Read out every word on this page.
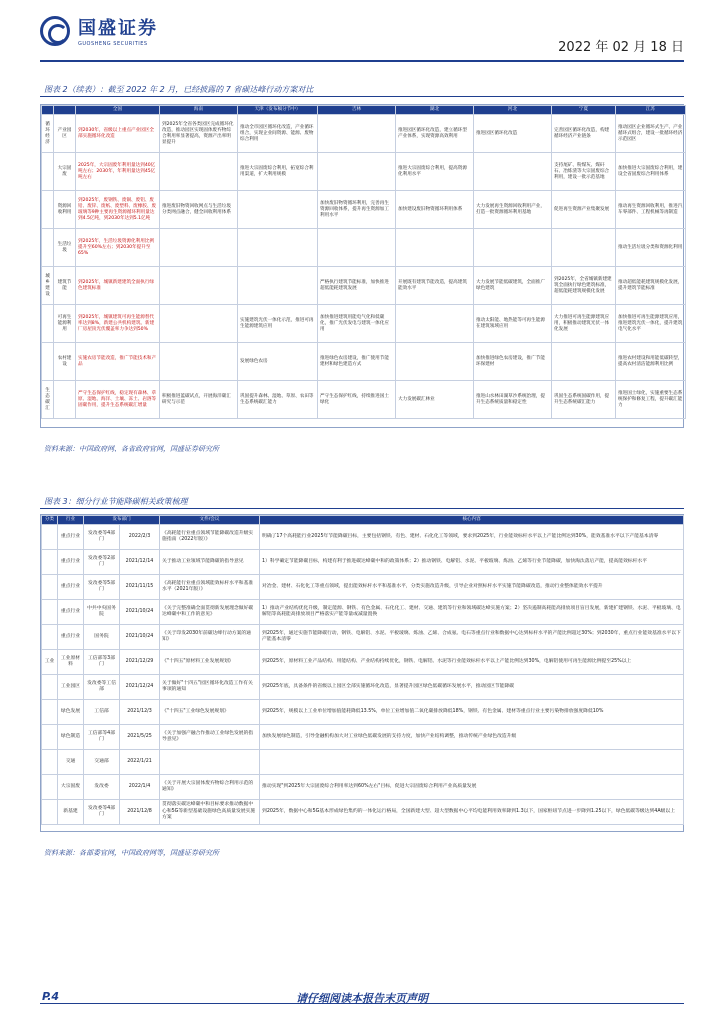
国盛证券
GUOSHENG SECURITIES	2022 年 02 月 18 日
图表 2（续表）：截至 2022 年 2 月，已经披露的 7 省碳达峰行动方案对比
		全国	海南	天津（发布稿分节中）	吉林	湖北	河北	宁夏	江苏
循环经济	产业园区	到2030年，省级以上重点产业园区全部实施循环化改造	到2025年全省各类园区完成循环化改造，推动园区实现固体废弃物综合利用率显著提高，资源产出率明显提升	推动全市园区循环化改造，产业循环组合，实现企业间资源、能源、废物综合利用		推进园区循环化改造，建立循环型产业体系，实现资源高效利用	推进园区循环化改造	完善园区循环化改造，构建循环经济产业链条	推动园区企业循环式生产、产业循环式组合，建设一批循环经济示范园区
	大宗固废	2025年，大宗固废年利用量达到40亿吨左右；2030年，年利用量达到45亿吨左右		推进大宗固废综合利用，拓宽综合利用渠道，扩大利用规模		推进大宗固废综合利用，提高资源化利用水平		支持尾矿、粉煤灰、煤矸石、冶炼渣等大宗固废综合利用，建设一批示范基地	加快推进大宗固废综合利用，建设全省固废综合利用体系
	资源回收利用	到2025年，废钢铁、废铜、废铝、废铅、废锌、废纸、废塑料、废橡胶、废玻璃等9种主要再生资源循环利用量达到4.5亿吨，到2030年达到5.1亿吨	推进废旧物资回收网点与生活垃圾分类网点融合，健全回收利用体系		加快废旧物资循环利用，完善再生资源回收体系，提升再生资源加工利用水平	加快建设废旧物资循环利用体系	大力发展再生资源回收利用产业，打造一批资源循环利用基地	促进再生资源产业集聚发展	推动再生资源回收利用，推进汽车零部件、工程机械等再制造
	生活垃圾	到2025年，生活垃圾资源化利用比例提升至60%左右；到2030年提升至65%							推动生活垃圾分类和资源化利用
城乡建设	建筑节能	到2025年，城镇新建建筑全面执行绿色建筑标准			严格执行建筑节能标准，加快推进超低能耗建筑发展	开展既有建筑节能改造，提高建筑能效水平	大力发展节能低碳建筑，全面推广绿色建筑	到2025年，全省城镇新建建筑全面执行绿色建筑标准，超低能耗建筑规模化发展	推动超低能耗建筑规模化发展，提升建筑节能标准
	可再生能源利用	到2025年，城镇建筑可再生能源替代率达到8%，新建公共机构建筑、新建厂房屋顶光伏覆盖率力争达到50%		实施建筑光伏一体化示范，推进可再生能源建筑应用	加快推进建筑用能电气化和低碳化，推广光伏发电与建筑一体化应用		推动太阳能、地热能等可再生能源在建筑领域应用	大力推进可再生能源建筑应用，积极推动建筑光伏一体化发展	加快推进可再生能源建筑应用，推进建筑光伏一体化，提升建筑电气化水平
	农村建设	实施农房节能改造，推广节能技术和产品		发展绿色农房	推进绿色农房建设，推广使用节能建材和绿色建造方式		加快推进绿色农房建设，推广节能环保建材		推进农村建设和用能低碳转型，提高农村清洁能源利用比例
生态碳汇		严守生态保护红线，稳定现有森林、草原、湿地、海洋、土壤、冻土、岩溶等固碳作用，提升生态系统碳汇增量	积极推进蓝碳试点，开展海洋碳汇研究与示范	巩固提升森林、湿地、草原、农田等生态系统碳汇能力	严守生态保护红线，持续推进国土绿化	大力发展碳汇林业	推进山水林田湖草沙系统治理，提升生态系统质量和稳定性	巩固生态系统固碳作用，提升生态系统碳汇能力	推进国土绿化，实施重要生态系统保护和修复工程，提升碳汇能力
资料来源：中国政府网、各省政府官网，国盛证券研究所
图表 3：细分行业节能降碳相关政策梳理
分类	行业	发布部门		文件/会议	核心内容
	重点行业	发改委等4部门	2022/2/3	《高耗能行业重点领域节能降碳改造升级实施指南（2022年版）》	明确了17个高耗能行业2025年节能降碳目标，主要包括钢铁、有色、建材、石化化工等领域，要求到2025年，行业能效标杆水平以上产能比例达到30%，能效基准水平以下产能基本清零
	重点行业	发改委等2部门	2021/12/14	关于推动工业领域节能降碳的指导意见	1）科学确定节能降碳目标，构建有利于推进碳达峰碳中和的政策体系；2）推动钢铁、电解铝、水泥、平板玻璃、炼油、乙烯等行业节能降碳，加快淘汰落后产能，提高能效标杆水平
	重点行业	发改委等5部门	2021/11/15	《高耗能行业重点领域能效标杆水平和基准水平（2021年版）》	对冶金、建材、石化化工等重点领域，提出能效标杆水平和基准水平，分类实施改造升级，引导企业对照标杆水平实施节能降碳改造，推动行业整体能效水平提升
	重点行业	中共中央国务院	2021/10/24	《关于完整准确全面贯彻新发展理念做好碳达峰碳中和工作的意见》	1）推动产业结构优化升级，制定能源、钢铁、有色金属、石化化工、建材、交通、建筑等行业和领域碳达峰实施方案；2）坚决遏制高耗能高排放项目盲目发展，新建扩建钢铁、水泥、平板玻璃、电解铝等高耗能高排放项目严格落实产能等量或减量置换
	重点行业	国务院	2021/10/24	《关于印发2030年前碳达峰行动方案的通知》	到2025年，通过实施节能降碳行动，钢铁、电解铝、水泥、平板玻璃、炼油、乙烯、合成氨、电石等重点行业和数据中心达到标杆水平的产能比例超过30%；到2030年，重点行业能效基准水平以下产能基本清零
工业	工业原材料	工信部等3部门	2021/12/29	《"十四五"原材料工业发展规划》	到2025年，原材料工业产品结构、用能结构、产业结构持续优化，钢铁、电解铝、水泥等行业能效标杆水平以上产能比例达到30%，电解铝使用可再生能源比例提至25%以上
	工业园区	发改委等工信部	2021/12/24	关于做好"十四五"园区循环化改造工作有关事项的通知	到2025年底，具备条件的省级以上园区全部实施循环化改造，显著提升园区绿色低碳循环发展水平，推动园区节能降碳
	绿色发展	工信部	2021/12/3	《"十四五"工业绿色发展规划》	到2025年，规模以上工业单位增加值能耗降低13.5%，单位工业增加值二氧化碳排放降低18%，钢铁、有色金属、建材等重点行业主要污染物排放强度降低10%
	绿色制造	工信部等4部门	2021/5/25	《关于加强产融合作推动工业绿色发展的指导意见》	加快发展绿色制造，引导金融机构加大对工业绿色低碳发展的支持力度，加快产业结构调整，推动传统产业绿色改造升级
	交通	交通部	2022/1/21		
	大宗固废	发改委	2022/1/4	《关于开展大宗固体废弃物综合利用示范的通知》	推动实现"到2025年大宗固废综合利用率达到60%左右"目标，促进大宗固废综合利用产业高质量发展
	新基建	发改委等4部门	2021/12/8	贯彻落实碳达峰碳中和目标要求推动数据中心和5G等新型基础设施绿色高质量发展实施方案	到2025年，数据中心和5G基本形成绿色集约的一体化运行格局，全国新建大型、超大型数据中心平均电能利用效率降到1.3以下，国家枢纽节点进一步降到1.25以下，绿色低碳等级达到4A级以上
资料来源：各部委官网，中国政府网等，国盛证券研究所
请仔细阅读本报告末页声明
P.4
